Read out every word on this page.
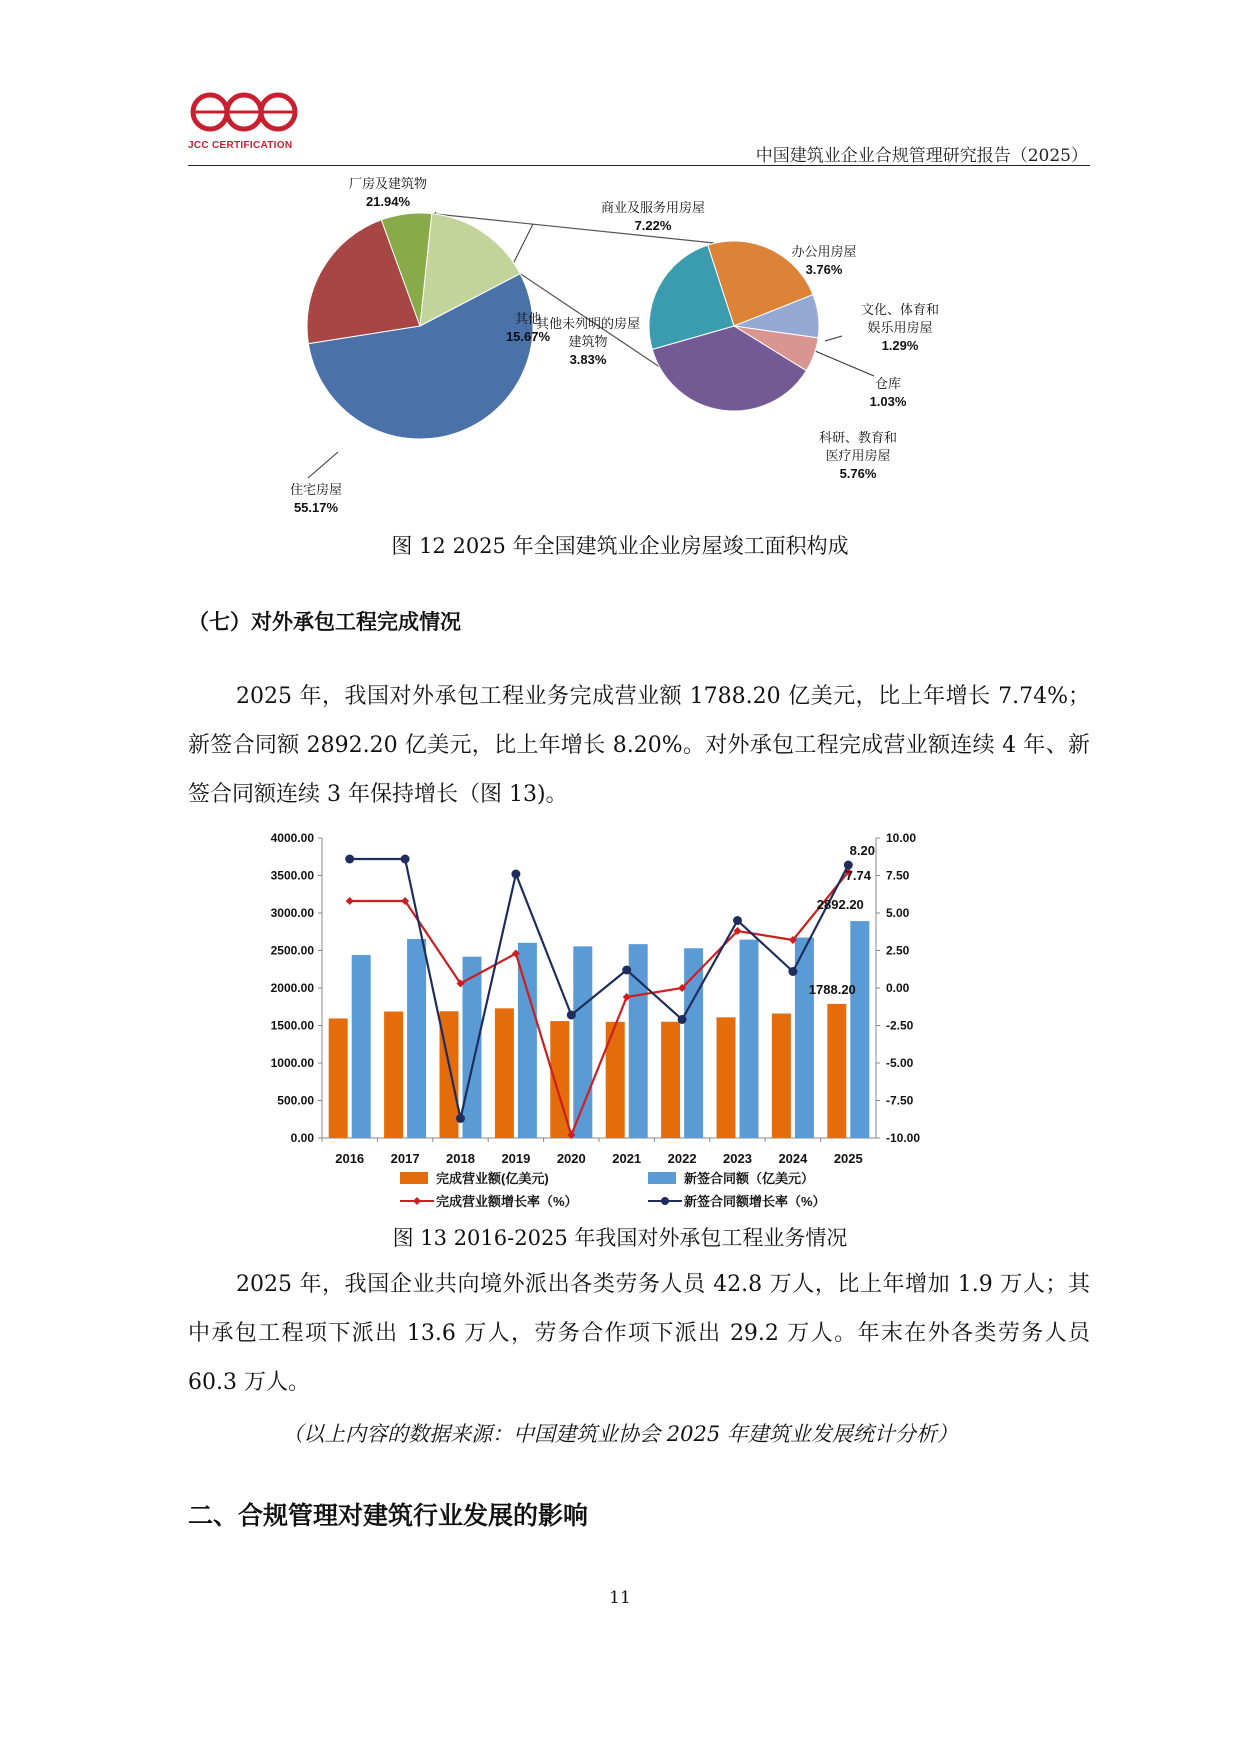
JCC CERTIFICATION
中国建筑业企业合规管理研究报告（2025）
厂房及建筑物
21.94%	商业及服务用房屋
7.22%
其他
15.67%
住宅房屋
55.17%
办公用房屋
3.76%
文化、体育和
娱乐用房屋
1.29%
仓库
1.03%
科研、教育和
医疗用房屋
5.76%
其他未列明的房屋
建筑物
3.83%
图 12 2025 年全国建筑业企业房屋竣工面积构成
（七）对外承包工程完成情况
2025 年，我国对外承包工程业务完成营业额 1788.20 亿美元，比上年增长 7.74%；新签合同额 2892.20 亿美元，比上年增长 8.20%。对外承包工程完成营业额连续 4 年、新签合同额连续 3 年保持增长（图 13)。
0.00
500.00
1000.00
1500.00
2000.00
2500.00
3000.00
3500.00
4000.00
-10.00
-7.50
-5.00
-2.50
0.00
2.50
5.00
7.50
10.00
2016 2017 2018 2019 2020 2021 2022 2023 2024 2025
2892.20
1788.20
8.20
7.74
完成营业额(亿美元)	新签合同额（亿美元）
完成营业额增长率（%）	新签合同额增长率（%）
图 13 2016-2025 年我国对外承包工程业务情况
2025 年，我国企业共向境外派出各类劳务人员 42.8 万人，比上年增加 1.9 万人；其中承包工程项下派出 13.6 万人，劳务合作项下派出 29.2 万人。年末在外各类劳务人员 60.3 万人。
（以上内容的数据来源：中国建筑业协会 2025 年建筑业发展统计分析）
二、合规管理对建筑行业发展的影响
11
